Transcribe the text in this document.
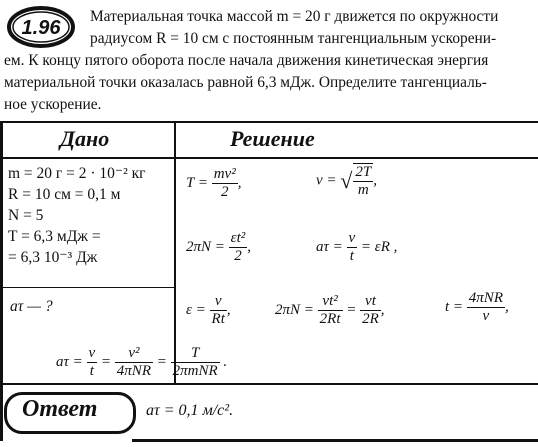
1.96
Материальная точка массой m = 20 г движется по окружности
радиусом R = 10 см с постоянным тангенциальным ускорени-
ем. К концу пятого оборота после начала движения кинетическая энергия
материальной точки оказалась равной 6,3 мДж. Определите тангенциаль-
ное ускорение.
Дано	Решение
m = 20 г = 2 · 10⁻² кг
R = 10 см = 0,1 м
N = 5
T = 6,3 мДж =
= 6,3 10⁻³ Дж
aτ — ?
$T = \frac{\text{mv²}}{2}$ ,	v = √ $\frac{2T}{m}$ ,
$2\pi N = \frac{\text{εt²}}{2}$ ,	$a\tau = \frac{v}{t} = \varepsilon R$ ,
$\varepsilon = \frac{v}{Rt}$ ,	$2\pi N = \frac{\text{vt²}}{2Rt} = \frac{vt}{2R}$ ,	$t = \frac{\text{4πNR}}{v}$ ,
$a\tau = \frac{v}{t} = \frac{\text{v²}}{\text{4πNR}} = \frac{T}{\text{2πmNR}}$ .
Ответ	aτ = 0,1 м/с².
